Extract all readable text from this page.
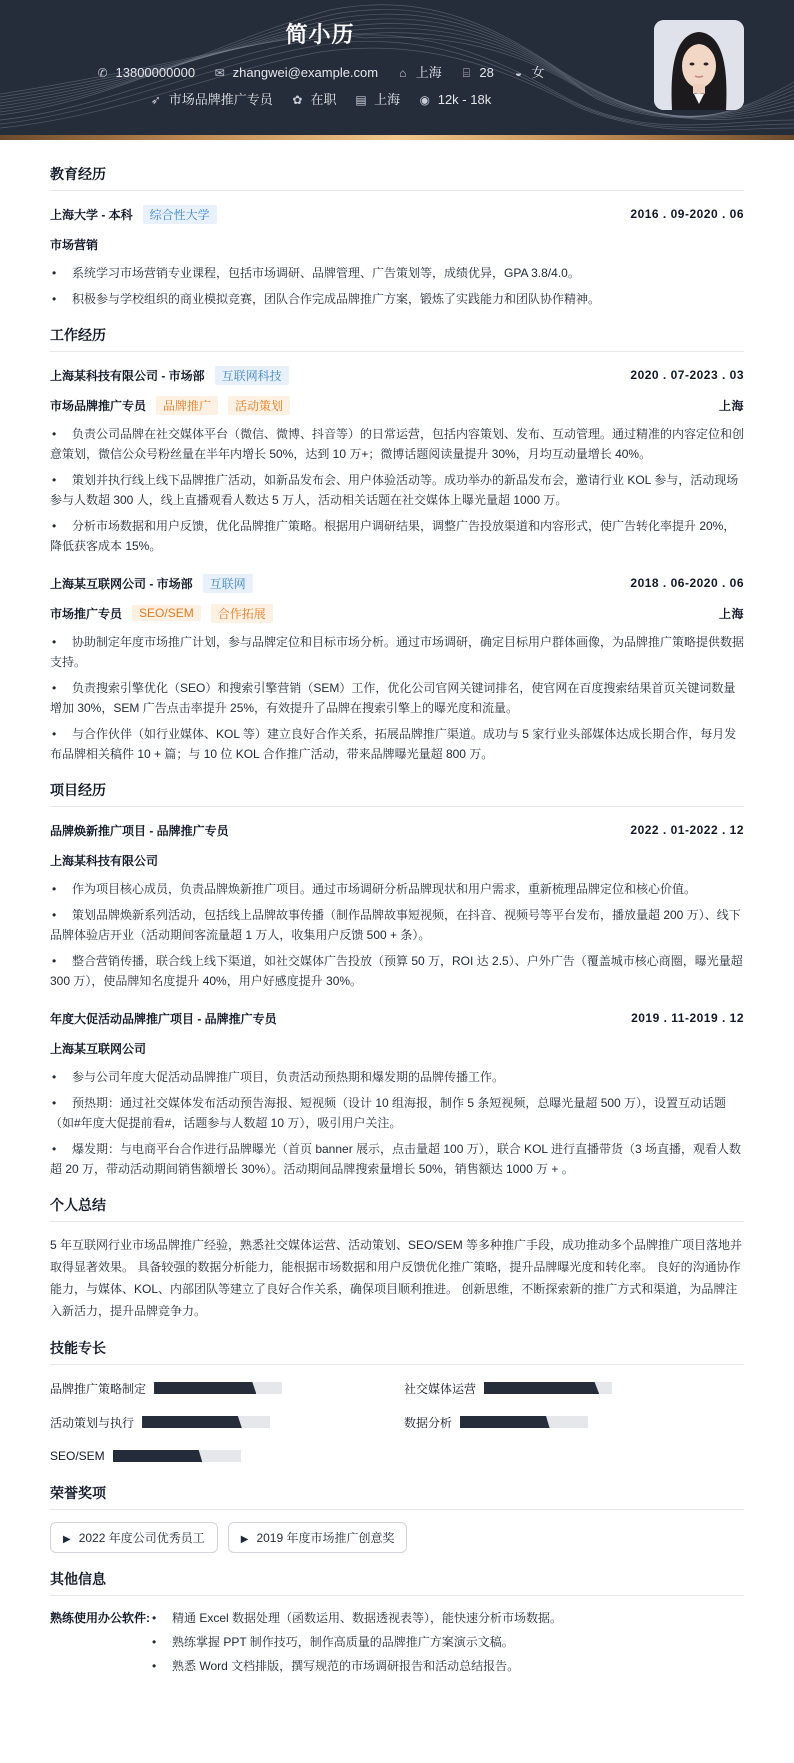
简小历
✆ 13800000000 ✉ zhangwei@example.com ⌂ 上海 ⌸ 28 ◒ 女
➶ 市场品牌推广专员 ✿ 在职 ▤ 上海 ◉ 12k - 18k
教育经历
上海大学 - 本科	综合性大学	2016 . 09-2020 . 06
市场营销
• 系统学习市场营销专业课程，包括市场调研、品牌管理、广告策划等，成绩优异，GPA 3.8/4.0。
• 积极参与学校组织的商业模拟竞赛，团队合作完成品牌推广方案，锻炼了实践能力和团队协作精神。
工作经历
上海某科技有限公司 - 市场部	互联网科技	2020 . 07-2023 . 03
市场品牌推广专员	品牌推广	活动策划	上海
• 负责公司品牌在社交媒体平台（微信、微博、抖音等）的日常运营，包括内容策划、发布、互动管理。通过精准的内容定位和创意策划，微信公众号粉丝量在半年内增长 50%，达到 10 万+；微博话题阅读量提升 30%，月均互动量增长 40%。
• 策划并执行线上线下品牌推广活动，如新品发布会、用户体验活动等。成功举办的新品发布会，邀请行业 KOL 参与，活动现场参与人数超 300 人，线上直播观看人数达 5 万人，活动相关话题在社交媒体上曝光量超 1000 万。
• 分析市场数据和用户反馈，优化品牌推广策略。根据用户调研结果，调整广告投放渠道和内容形式，使广告转化率提升 20%，降低获客成本 15%。
上海某互联网公司 - 市场部	互联网	2018 . 06-2020 . 06
市场推广专员	SEO/SEM	合作拓展	上海
• 协助制定年度市场推广计划，参与品牌定位和目标市场分析。通过市场调研，确定目标用户群体画像，为品牌推广策略提供数据支持。
• 负责搜索引擎优化（SEO）和搜索引擎营销（SEM）工作，优化公司官网关键词排名，使官网在百度搜索结果首页关键词数量增加 30%，SEM 广告点击率提升 25%，有效提升了品牌在搜索引擎上的曝光度和流量。
• 与合作伙伴（如行业媒体、KOL 等）建立良好合作关系，拓展品牌推广渠道。成功与 5 家行业头部媒体达成长期合作，每月发布品牌相关稿件 10 + 篇；与 10 位 KOL 合作推广活动，带来品牌曝光量超 800 万。
项目经历
品牌焕新推广项目 - 品牌推广专员	2022 . 01-2022 . 12
上海某科技有限公司
• 作为项目核心成员，负责品牌焕新推广项目。通过市场调研分析品牌现状和用户需求，重新梳理品牌定位和核心价值。
• 策划品牌焕新系列活动，包括线上品牌故事传播（制作品牌故事短视频，在抖音、视频号等平台发布，播放量超 200 万）、线下品牌体验店开业（活动期间客流量超 1 万人，收集用户反馈 500 + 条）。
• 整合营销传播，联合线上线下渠道，如社交媒体广告投放（预算 50 万，ROI 达 2.5）、户外广告（覆盖城市核心商圈，曝光量超 300 万），使品牌知名度提升 40%，用户好感度提升 30%。
年度大促活动品牌推广项目 - 品牌推广专员	2019 . 11-2019 . 12
上海某互联网公司
• 参与公司年度大促活动品牌推广项目，负责活动预热期和爆发期的品牌传播工作。
• 预热期：通过社交媒体发布活动预告海报、短视频（设计 10 组海报，制作 5 条短视频，总曝光量超 500 万），设置互动话题（如#年度大促提前看#，话题参与人数超 10 万），吸引用户关注。
• 爆发期：与电商平台合作进行品牌曝光（首页 banner 展示，点击量超 100 万），联合 KOL 进行直播带货（3 场直播，观看人数超 20 万，带动活动期间销售额增长 30%）。活动期间品牌搜索量增长 50%，销售额达 1000 万 + 。
个人总结

5 年互联网行业市场品牌推广经验，熟悉社交媒体运营、活动策划、SEO/SEM 等多种推广手段，成功推动多个品牌推广项目落地并取得显著效果。 具备较强的数据分析能力，能根据市场数据和用户反馈优化推广策略，提升品牌曝光度和转化率。 良好的沟通协作能力，与媒体、KOL、内部团队等建立了良好合作关系，确保项目顺利推进。 创新思维，不断探索新的推广方式和渠道，为品牌注入新活力，提升品牌竞争力。

技能专长
品牌推广策略制定	社交媒体运营
活动策划与执行	数据分析
SEO/SEM
荣誉奖项
▶ 2022 年度公司优秀员工	▶ 2019 年度市场推广创意奖
其他信息
熟练使用办公软件:	• 精通 Excel 数据处理（函数运用、数据透视表等），能快速分析市场数据。
• 熟练掌握 PPT 制作技巧，制作高质量的品牌推广方案演示文稿。
• 熟悉 Word 文档排版，撰写规范的市场调研报告和活动总结报告。
